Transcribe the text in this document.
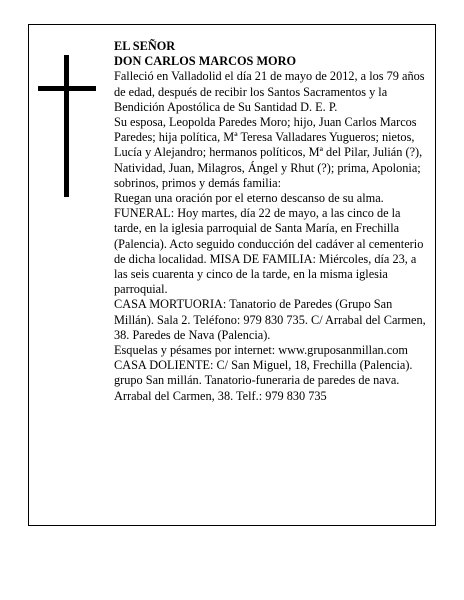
EL SEÑOR

DON CARLOS MARCOS MORO

Falleció en Valladolid el día 21 de mayo de 2012, a los 79 años de edad, después de recibir los Santos Sacramentos y la Bendición Apostólica de Su Santidad D. E. P.

Su esposa, Leopolda Paredes Moro; hijo, Juan Carlos Marcos Paredes; hija política, Mª Teresa Valladares Yugueros; nietos, Lucía y Alejandro; hermanos políticos, Mª del Pilar, Julián (?), Natividad, Juan, Milagros, Ángel y Rhut (?); prima, Apolonia; sobrinos, primos y demás familia:

Ruegan una oración por el eterno descanso de su alma.

FUNERAL: Hoy martes, día 22 de mayo, a las cinco de la tarde, en la iglesia parroquial de Santa María, en Frechilla (Palencia). Acto seguido conducción del cadáver al cementerio de dicha localidad. MISA DE FAMILIA: Miércoles, día 23, a las seis cuarenta y cinco de la tarde, en la misma iglesia parroquial.

CASA MORTUORIA: Tanatorio de Paredes (Grupo San Millán). Sala 2. Teléfono: 979 830 735. C/ Arrabal del Carmen, 38. Paredes de Nava (Palencia).

Esquelas y pésames por internet: www.gruposanmillan.com

CASA DOLIENTE: C/ San Miguel, 18, Frechilla (Palencia).

grupo San millán. Tanatorio-funeraria de paredes de nava. Arrabal del Carmen, 38. Telf.: 979 830 735
